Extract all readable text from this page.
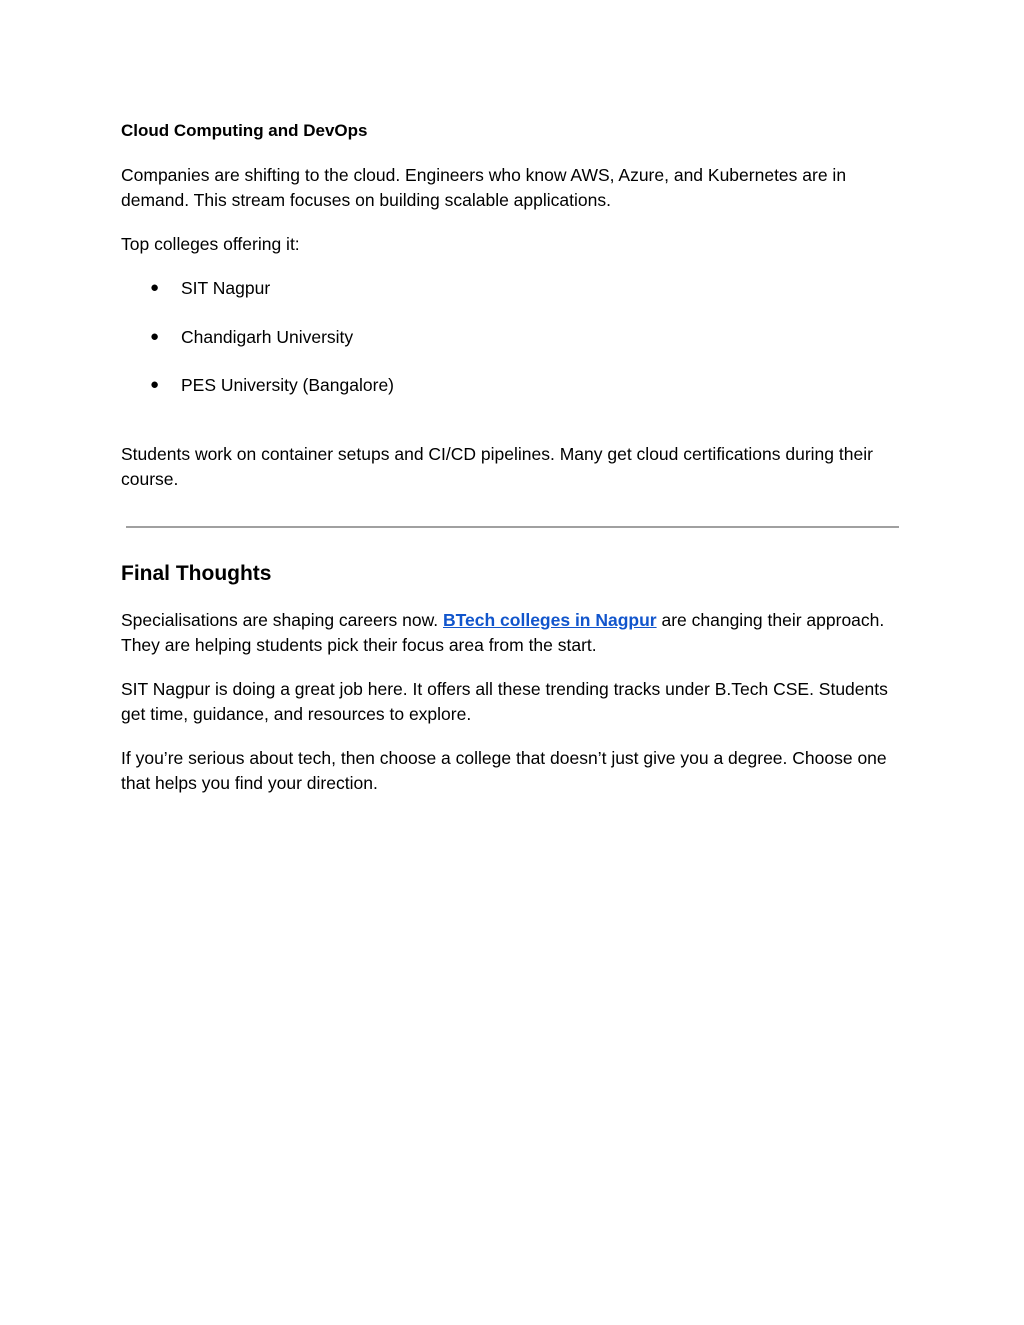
Cloud Computing and DevOps

Companies are shifting to the cloud. Engineers who know AWS, Azure, and Kubernetes are in demand. This stream focuses on building scalable applications.

Top colleges offering it:

● SIT Nagpur
● Chandigarh University
● PES University (Bangalore)

Students work on container setups and CI/CD pipelines. Many get cloud certifications during their course.

Final Thoughts

Specialisations are shaping careers now. BTech colleges in Nagpur are changing their approach. They are helping students pick their focus area from the start.

SIT Nagpur is doing a great job here. It offers all these trending tracks under B.Tech CSE. Students get time, guidance, and resources to explore.

If you’re serious about tech, then choose a college that doesn’t just give you a degree. Choose one that helps you find your direction.
